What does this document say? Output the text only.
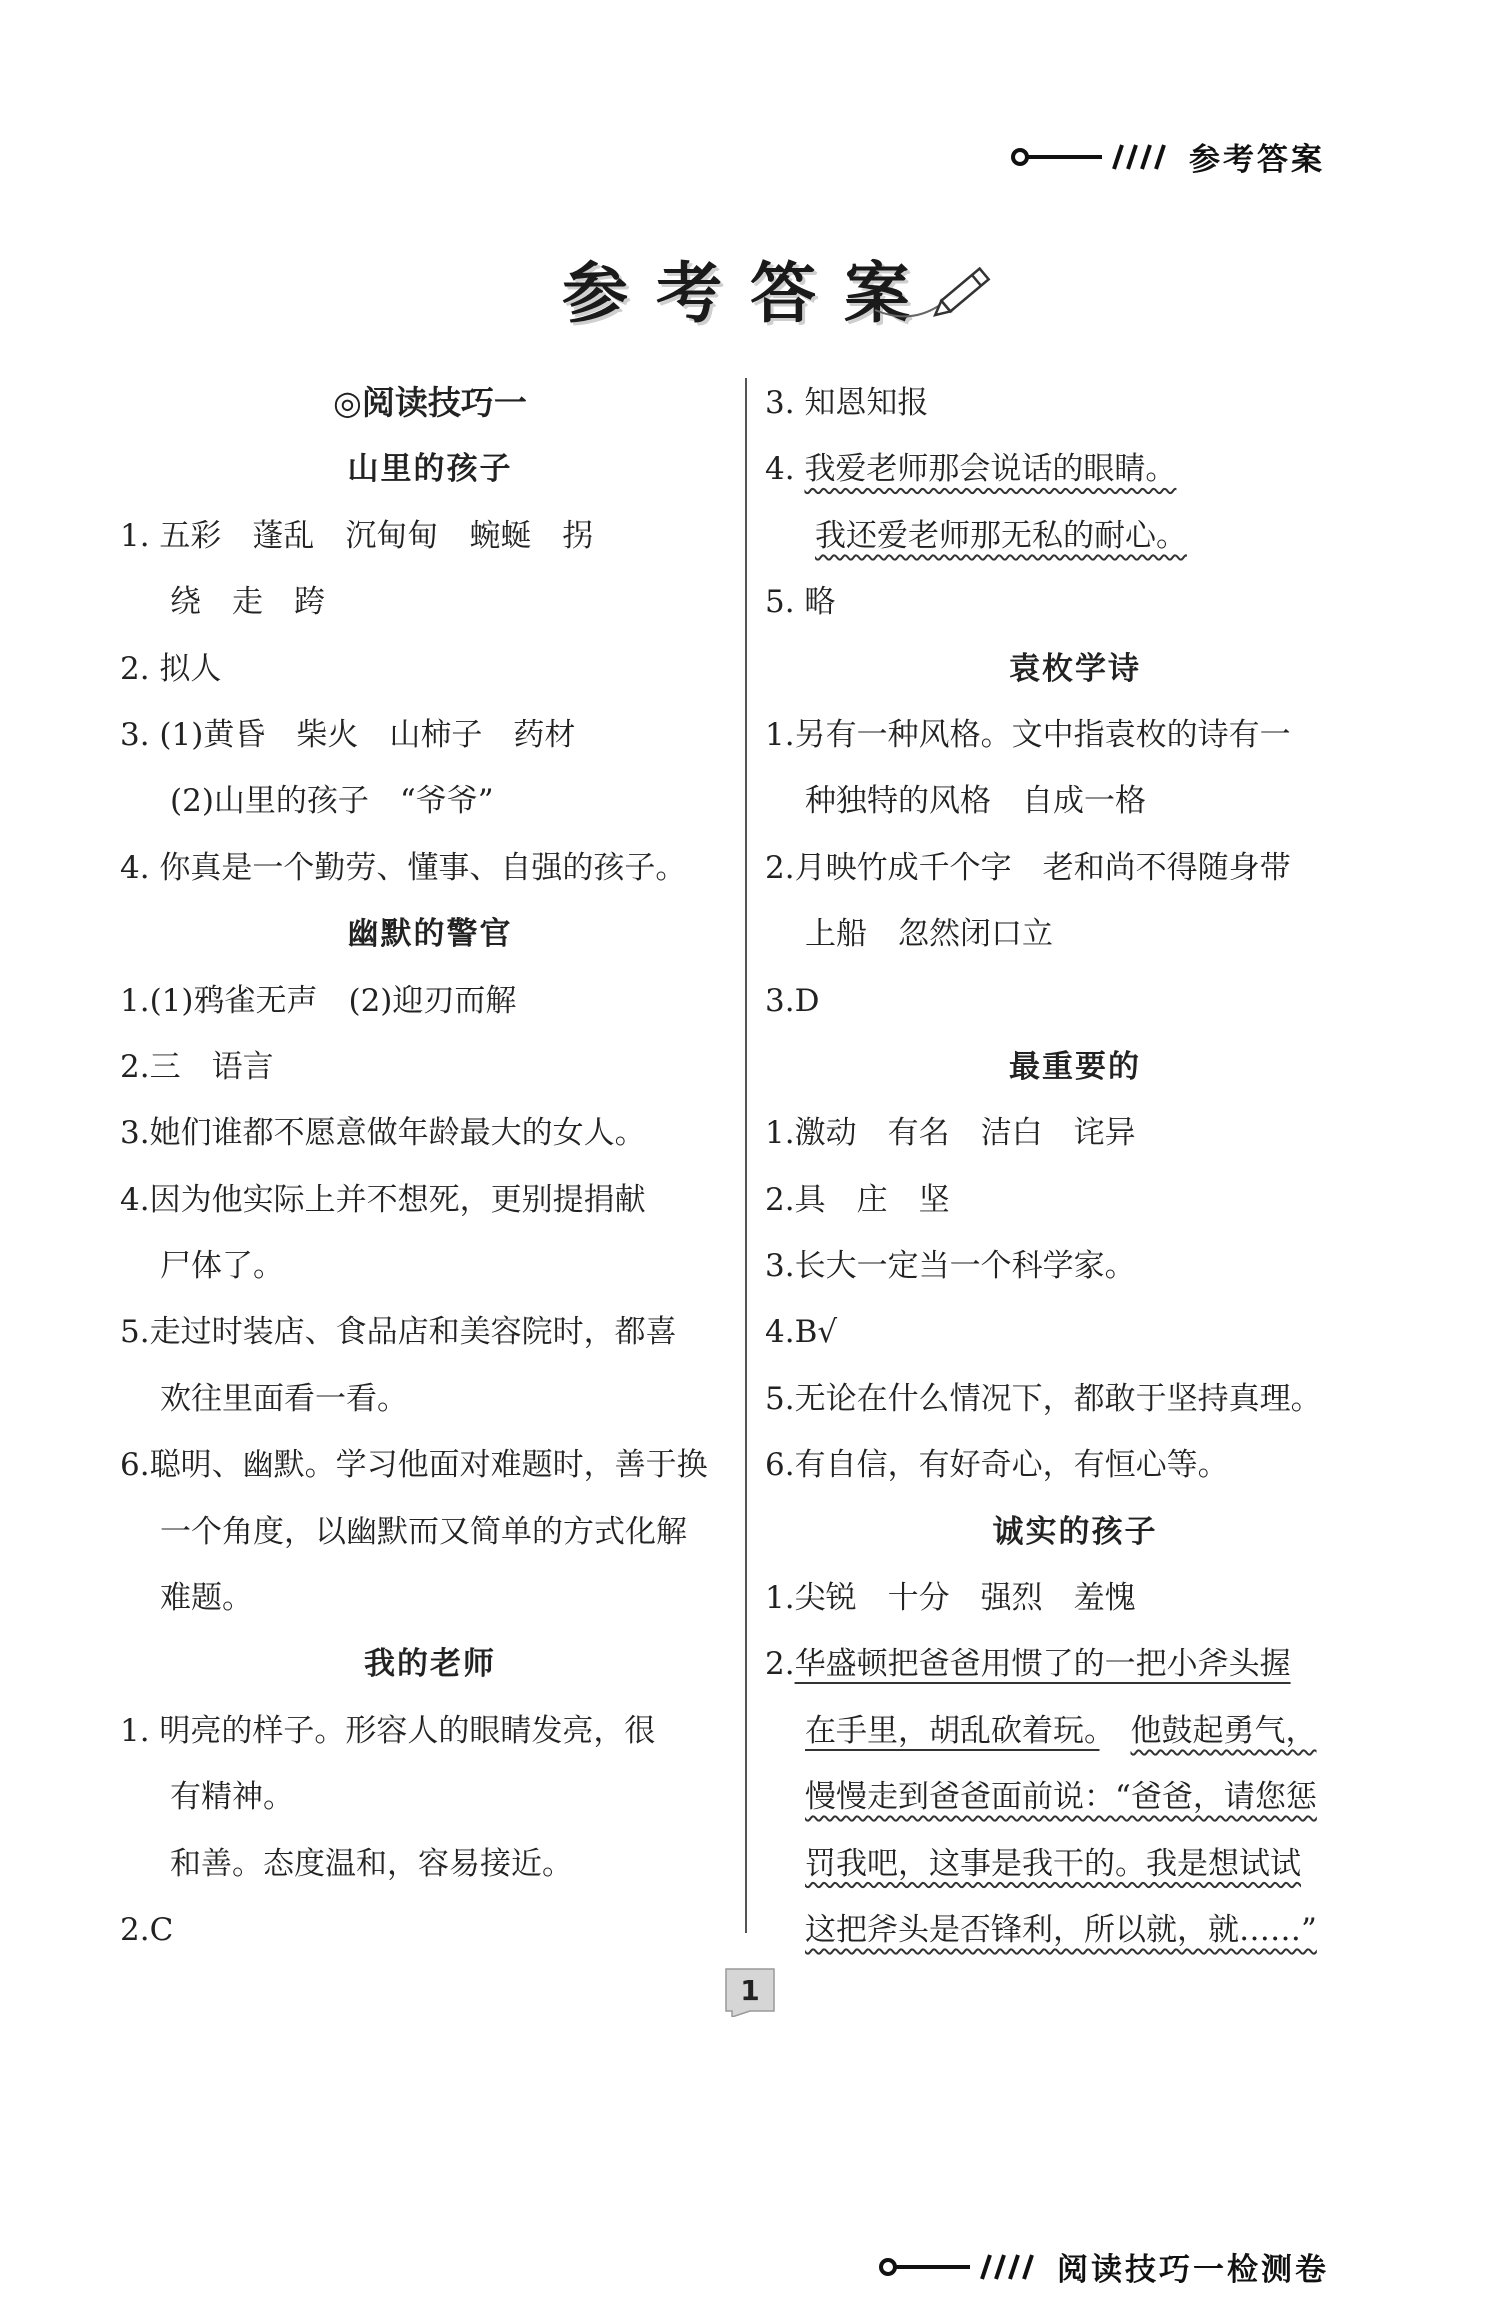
参考答案
参考答案
◎阅读技巧一
山里的孩子
1. 五彩　蓬乱　沉甸甸　蜿蜒　拐
绕　走　跨
2. 拟人
3. (1)黄昏　柴火　山柿子　药材
(2)山里的孩子　“爷爷”
4. 你真是一个勤劳、懂事、自强的孩子。
幽默的警官
1.(1)鸦雀无声　(2)迎刃而解
2.三　语言
3.她们谁都不愿意做年龄最大的女人。
4.因为他实际上并不想死，更别提捐献
尸体了。
5.走过时装店、食品店和美容院时，都喜
欢往里面看一看。
6.聪明、幽默。学习他面对难题时，善于换
一个角度，以幽默而又简单的方式化解
难题。
我的老师
1. 明亮的样子。形容人的眼睛发亮，很
有精神。
和善。态度温和，容易接近。
2.C
3. 知恩知报
4. 我爱老师那会说话的眼睛。
我还爱老师那无私的耐心。
5. 略
袁枚学诗
1.另有一种风格。文中指袁枚的诗有一
种独特的风格　自成一格
2.月映竹成千个字　老和尚不得随身带
上船　忽然闭口立
3.D
最重要的
1.激动　有名　洁白　诧异
2.具　庄　坚
3.长大一定当一个科学家。
4.B√
5.无论在什么情况下，都敢于坚持真理。
6.有自信，有好奇心，有恒心等。
诚实的孩子
1.尖锐　十分　强烈　羞愧
2.华盛顿把爸爸用惯了的一把小斧头握
在手里，胡乱砍着玩。　 他鼓起勇气，
慢慢走到爸爸面前说：“爸爸，请您惩
罚我吧，这事是我干的。我是想试试
这把斧头是否锋利，所以就，就……”
1
阅读技巧一检测卷
